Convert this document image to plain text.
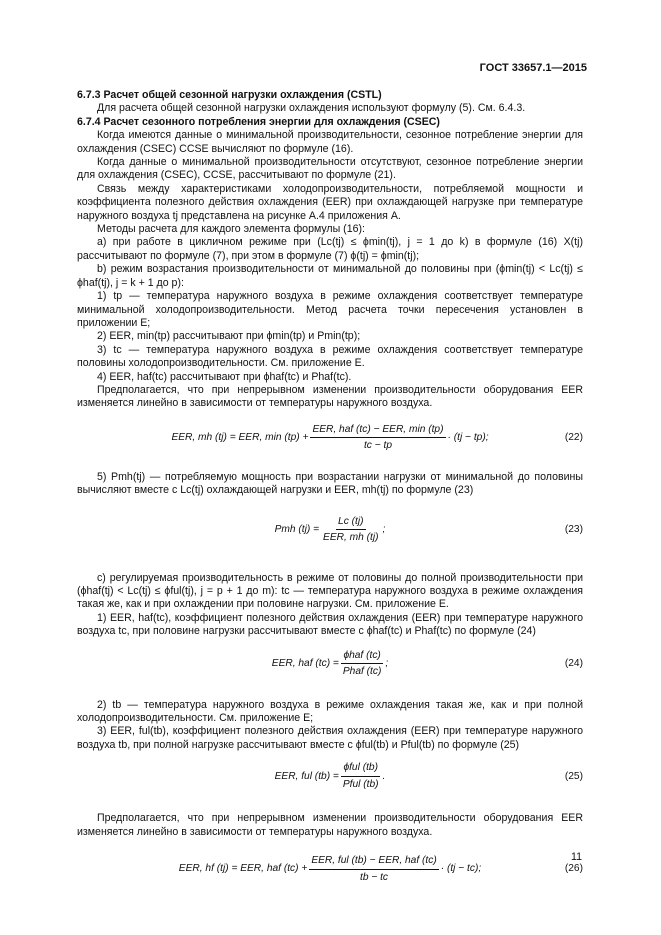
ГОСТ 33657.1—2015

6.7.3 Расчет общей сезонной нагрузки охлаждения (CSTL)

Для расчета общей сезонной нагрузки охлаждения используют формулу (5). См. 6.4.3.

6.7.4 Расчет сезонного потребления энергии для охлаждения (CSEC)

Когда имеются данные о минимальной производительности, сезонное потребление энергии для охлаждения (CSEC) CCSE вычисляют по формуле (16).

Когда данные о минимальной производительности отсутствуют, сезонное потребление энергии для охлаждения (CSEC), CCSE, рассчитывают по формуле (21).

Связь между характеристиками холодопроизводительности, потребляемой мощности и коэффициента полезного действия охлаждения (EER) при охлаждающей нагрузке при температуре наружного воздуха tj представлена на рисунке А.4 приложения А.

Методы расчета для каждого элемента формулы (16):

а) при работе в цикличном режиме при (Lc(tj) ≤ ϕmin(tj), j = 1 до k) в формуле (16) X(tj) рассчитывают по формуле (7), при этом в формуле (7) ϕ(tj) = ϕmin(tj);

b) режим возрастания производительности от минимальной до половины при (ϕmin(tj) < Lc(tj) ≤ ϕhaf(tj), j = k + 1 до p):

1) tp — температура наружного воздуха в режиме охлаждения соответствует температуре минимальной холодопроизводительности. Метод расчета точки пересечения установлен в приложении Е;

2) EER, min(tp) рассчитывают при ϕmin(tp) и Pmin(tp);

3) tc — температура наружного воздуха в режиме охлаждения соответствует температуре половины холодопроизводительности. См. приложение Е.

4) EER, haf(tc) рассчитывают при ϕhaf(tc) и Phaf(tc).

Предполагается, что при непрерывном изменении производительности оборудования EER изменяется линейно в зависимости от температуры наружного воздуха.

EER, mh (tj) = EER, $\min (tp) + \frac{\text{EER, haf (tc) − EER, min (tp)}}{tc - tp} \cdot (tj - tp)$;	(22)

5) Pmh(tj) — потребляемую мощность при возрастании нагрузки от минимальной до половины вычисляют вместе с Lc(tj) охлаждающей нагрузки и EER, mh(tj) по формуле (23)

Pmh $(tj) = \frac{Lc (tj)}{\text{EER, mh (tj)}}$ ;	(23)

с) регулируемая производительность в режиме от половины до полной производительности при (ϕhaf(tj) < Lc(tj) ≤ ϕful(tj), j = p + 1 до m): tc — температура наружного воздуха в режиме охлаждения такая же, как и при охлаждении при половине нагрузки. См. приложение Е.

1) EER, haf(tc), коэффициент полезного действия охлаждения (EER) при температуре наружного воздуха tc, при половине нагрузки рассчитывают вместе с ϕhaf(tc) и Phaf(tc) по формуле (24)

EER, haf $(tc) = \frac{\text{ϕhaf (tc)}}{\text{Phaf (tc)}}$ ;	(24)

2) tb — температура наружного воздуха в режиме охлаждения такая же, как и при полной холодопроизводительности. См. приложение Е;

3) EER, ful(tb), коэффициент полезного действия охлаждения (EER) при температуре наружного воздуха tb, при полной нагрузке рассчитывают вместе с ϕful(tb) и Pful(tb) по формуле (25)

EER, ful $(tb) = \frac{\text{ϕful (tb)}}{\text{Pful (tb)}}$ .	(25)

Предполагается, что при непрерывном изменении производительности оборудования EER изменяется линейно в зависимости от температуры наружного воздуха.

EER, hf (tj) = EER, haf $(tc) + \frac{\text{EER, ful (tb) − EER, haf (tc)}}{tb - tc} \cdot (tj - tc)$;	(26)
11
